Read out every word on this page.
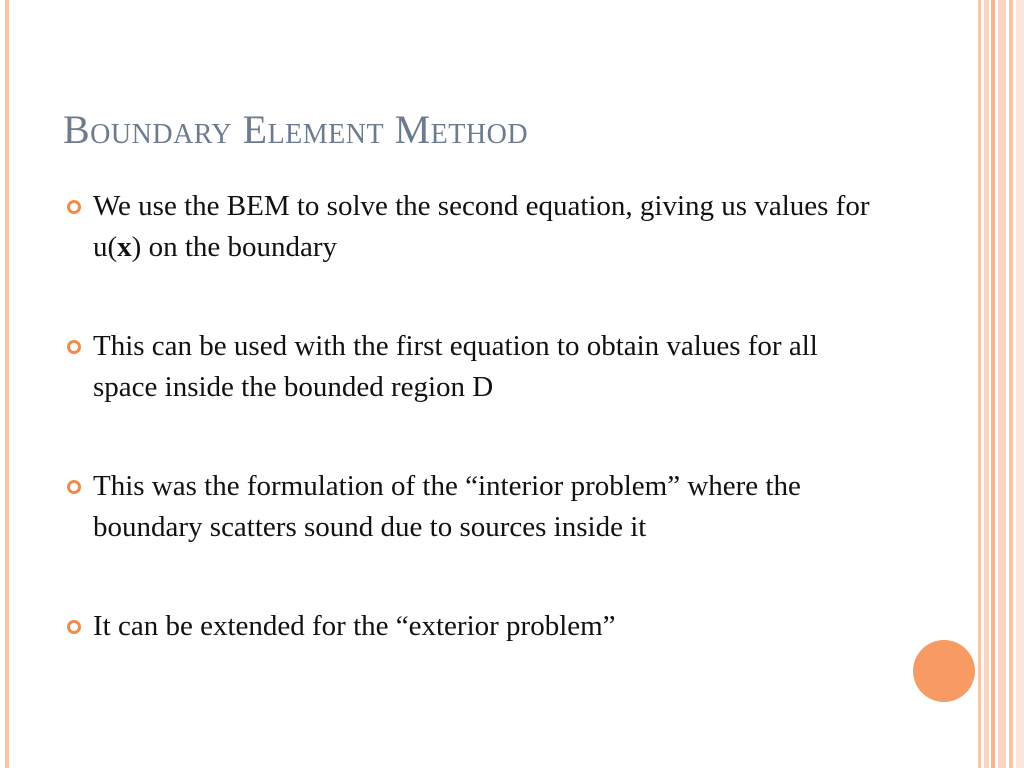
Boundary Element Method
We use the BEM to solve the second equation, giving us values for u(x) on the boundary
This can be used with the first equation to obtain values for all space inside the bounded region D
This was the formulation of the “interior problem” where the boundary scatters sound due to sources inside it
It can be extended for the “exterior problem”
